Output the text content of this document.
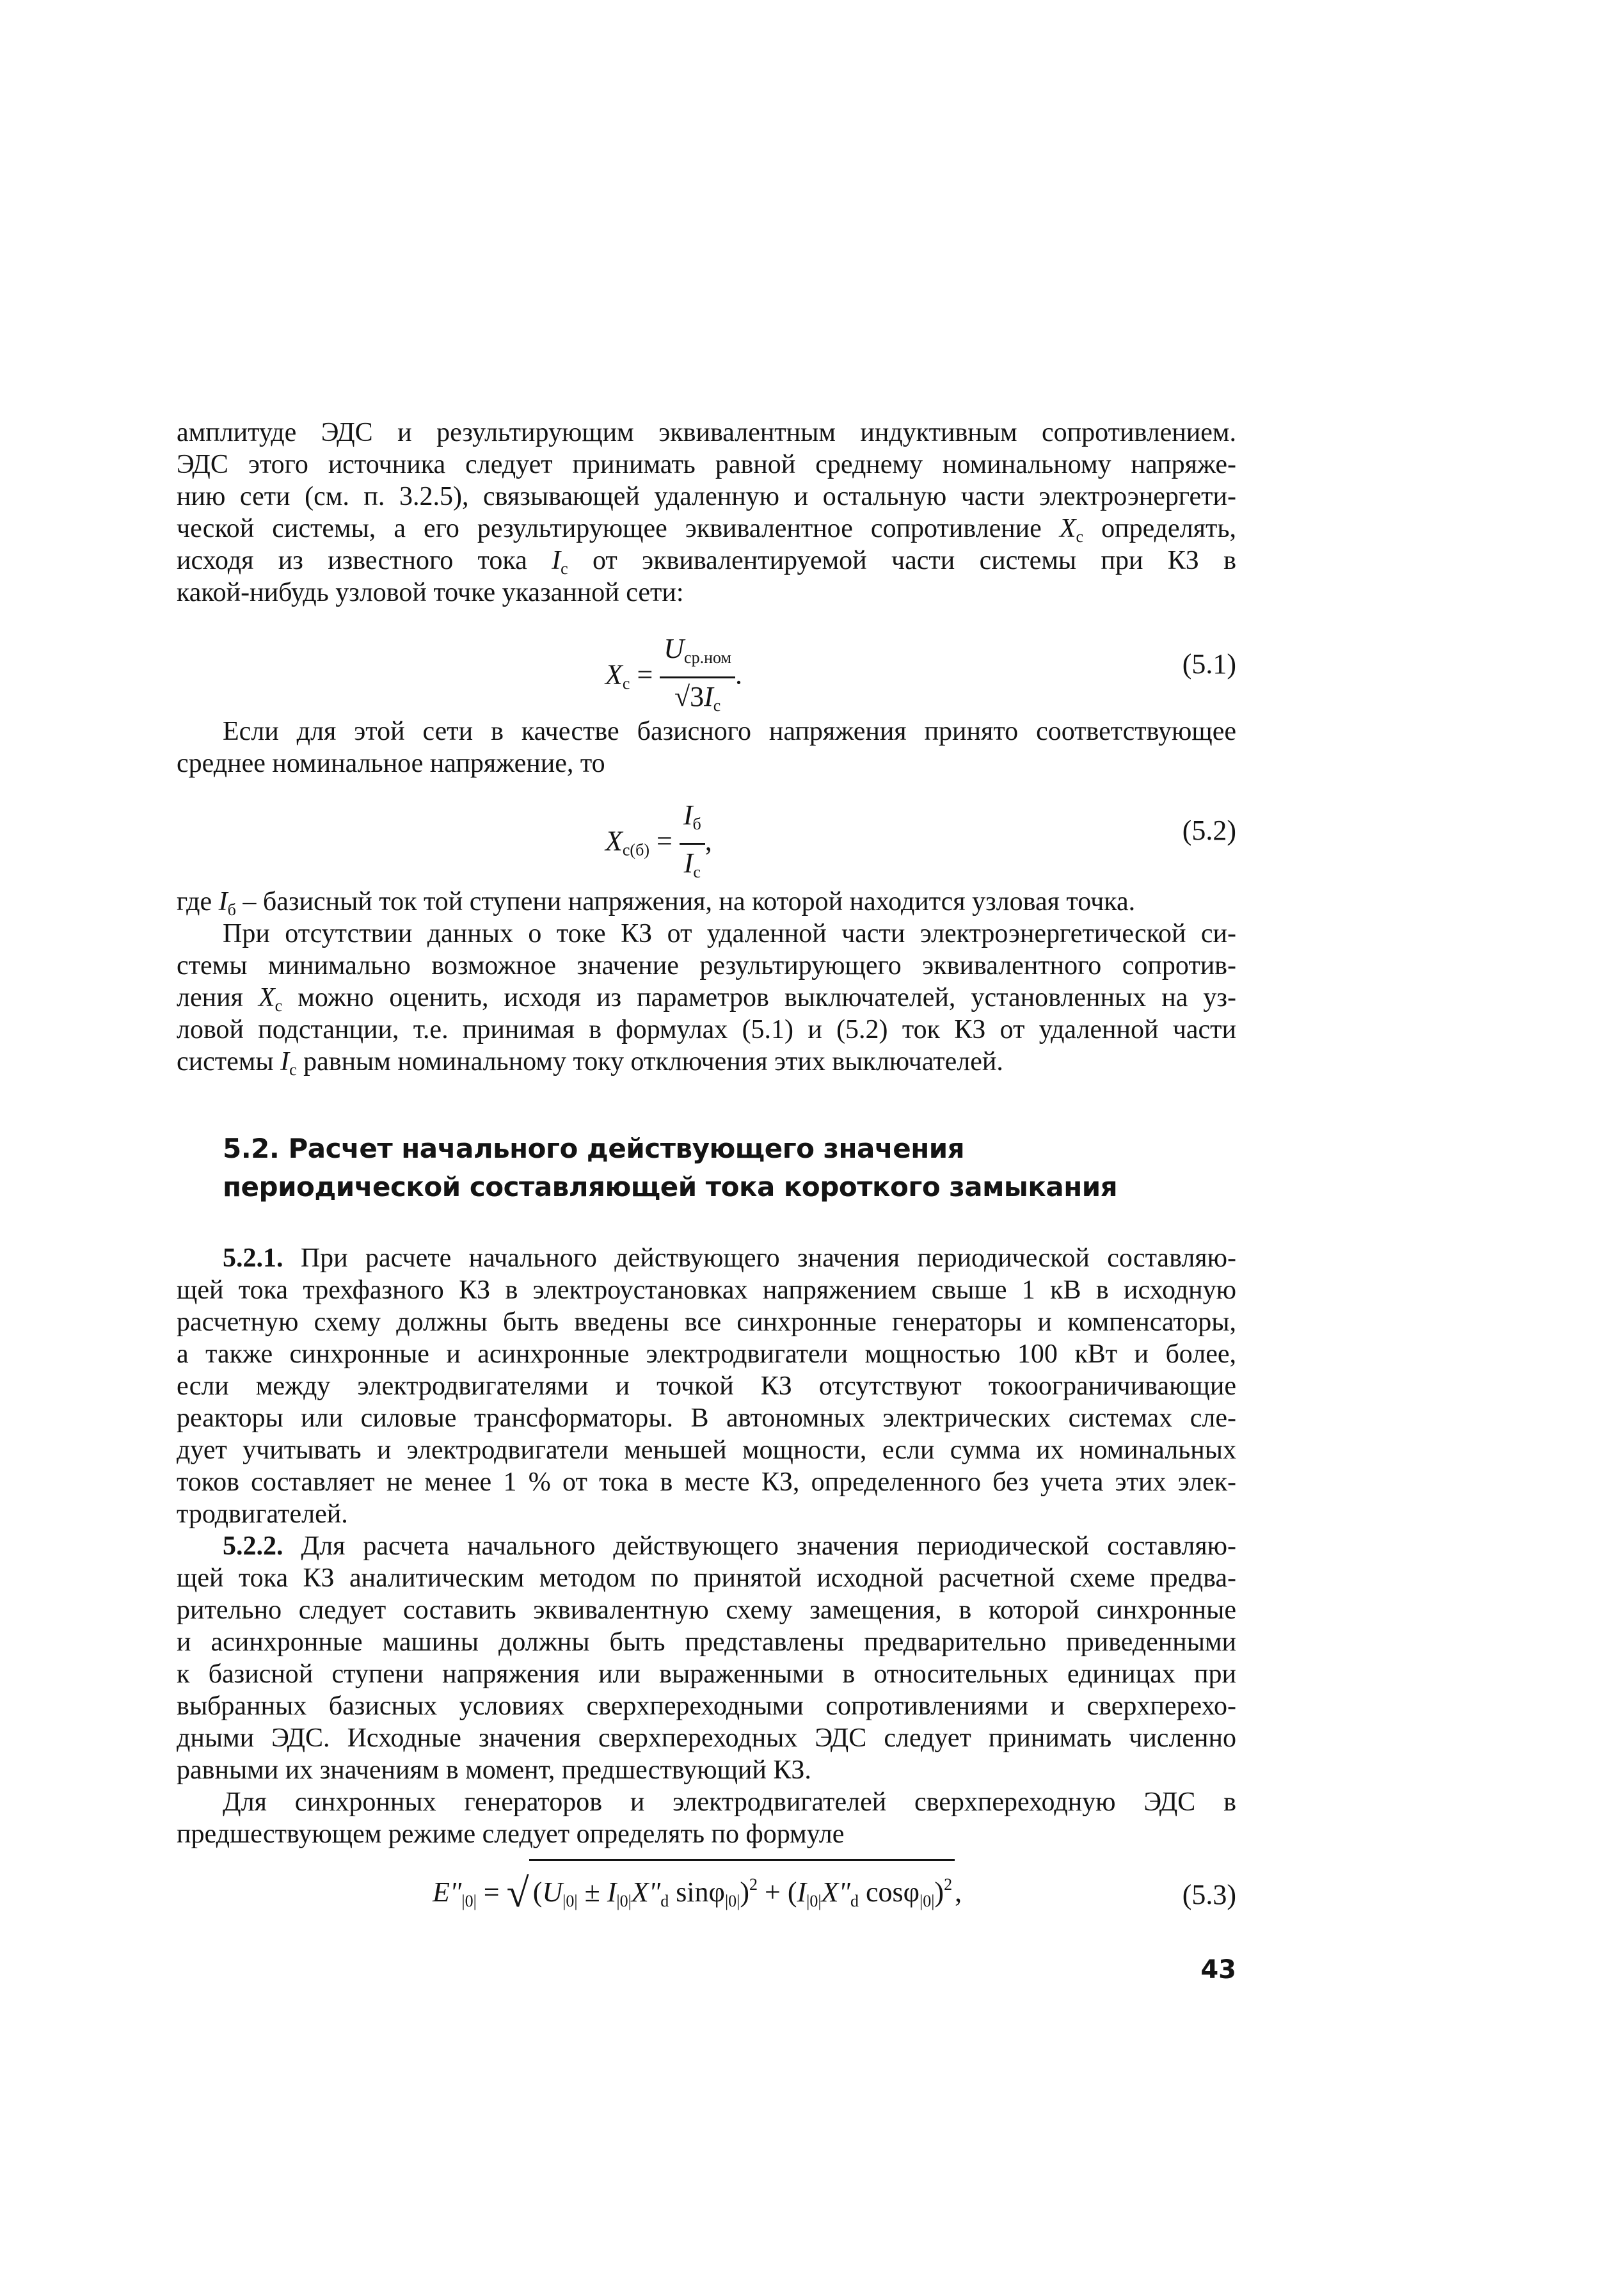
амплитуде ЭДС и результирующим эквивалентным индуктивным сопротивлением.
ЭДС этого источника следует принимать равной среднему номинальному напряже-
нию сети (см. п. 3.2.5), связывающей удаленную и остальную части электроэнергети-
ческой системы, а его результирующее эквивалентное сопротивление $X_с$ определять,
исходя из известного тока $I_с$ от эквивалентируемой части системы при КЗ в
какой-нибудь узловой точке указанной сети:
$X_с = \frac{U_{ср.ном}}{√3I_с}$ .	(5.1)
Если для этой сети в качестве базисного напряжения принято соответствующее
среднее номинальное напряжение, то
$X_{с(б)} = \frac{I_б}{I_с}$ ,	(5.2)
где $I_б$ – базисный ток той ступени напряжения, на которой находится узловая точка.
При отсутствии данных о токе КЗ от удаленной части электроэнергетической си-
стемы минимально возможное значение результирующего эквивалентного сопротив-
ления $X_с$ можно оценить, исходя из параметров выключателей, установленных на уз-
ловой подстанции, т.е. принимая в формулах (5.1) и (5.2) ток КЗ от удаленной части
системы $I_с$ равным номинальному току отключения этих выключателей.
5.2. Расчет начального действующего значения
периодической составляющей тока короткого замыкания
5.2.1. При расчете начального действующего значения периодической составляю-
щей тока трехфазного КЗ в электроустановках напряжением свыше 1 кВ в исходную
расчетную схему должны быть введены все синхронные генераторы и компенсаторы,
а также синхронные и асинхронные электродвигатели мощностью 100 кВт и более,
если между электродвигателями и точкой КЗ отсутствуют токоограничивающие
реакторы или силовые трансформаторы. В автономных электрических системах сле-
дует учитывать и электродвигатели меньшей мощности, если сумма их номинальных
токов составляет не менее 1 % от тока в месте КЗ, определенного без учета этих элек-
тродвигателей.
5.2.2. Для расчета начального действующего значения периодической составляю-
щей тока КЗ аналитическим методом по принятой исходной расчетной схеме предва-
рительно следует составить эквивалентную схему замещения, в которой синхронные
и асинхронные машины должны быть представлены предварительно приведенными
к базисной ступени напряжения или выраженными в относительных единицах при
выбранных базисных условиях сверхпереходными сопротивлениями и сверхперехо-
дными ЭДС. Исходные значения сверхпереходных ЭДС следует принимать численно
равными их значениям в момент, предшествующий КЗ.
Для синхронных генераторов и электродвигателей сверхпереходную ЭДС в
предшествующем режиме следует определять по формуле
$E"_{|0|}$ = √ ($U_{|0|}$ ± $I_{|0|}X"_d$ $\sin\varphi_{|0|})^2 + (I_{|0|}X"_d$ cosφ$_{|0|}$)$^2$,	(5.3)
43
